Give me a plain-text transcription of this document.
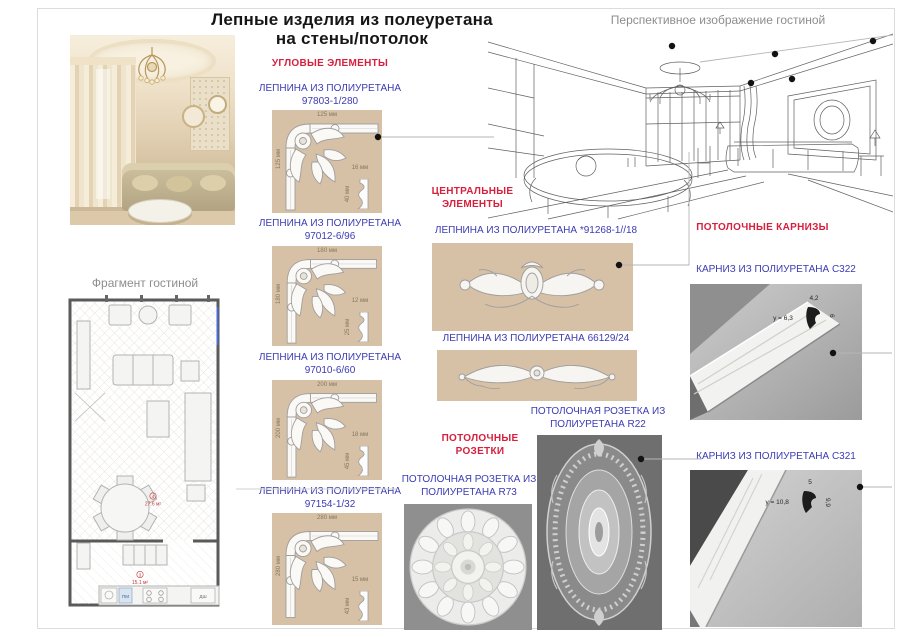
Лепные изделия из полеуретана
на стены/потолок
Перспективное изображение гостиной
Фрагмент гостиной
ПМ	ДШ
4
27.6 м²
3
15.1 м²
УГЛОВЫЕ ЭЛЕМЕНТЫ
ЛЕПНИНА ИЗ ПОЛИУРЕТАНА
97803-1/280
125 мм
125 мм	16 мм
40 мм
ЛЕПНИНА ИЗ ПОЛИУРЕТАНА
97012-6/96
180 мм
180 мм	12 мм
25 мм
ЛЕПНИНА ИЗ ПОЛИУРЕТАНА
97010-6/60
200 мм
200 мм	18 мм
45 мм
ЛЕПНИНА ИЗ ПОЛИУРЕТАНА
97154-1/32
280 мм
280 мм
15 мм
43 мм
ЦЕНТРАЛЬНЫЕ
ЭЛЕМЕНТЫ
ЛЕПНИНА ИЗ ПОЛИУРЕТАНА *91268-1//18
ЛЕПНИНА ИЗ ПОЛИУРЕТАНА 66129/24
ПОТОЛОЧНАЯ РОЗЕТКА ИЗ
ПОЛИУРЕТАНА R22
ПОТОЛОЧНЫЕ
РОЗЕТКИ
ПОТОЛОЧНАЯ РОЗЕТКА ИЗ
ПОЛИУРЕТАНА R73
ПОТОЛОЧНЫЕ КАРНИЗЫ
КАРНИЗ ИЗ ПОЛИУРЕТАНА С322
4,2
у = 6,3	6
КАРНИЗ ИЗ ПОЛИУРЕТАНА С321
5
у = 10,8	9,9
